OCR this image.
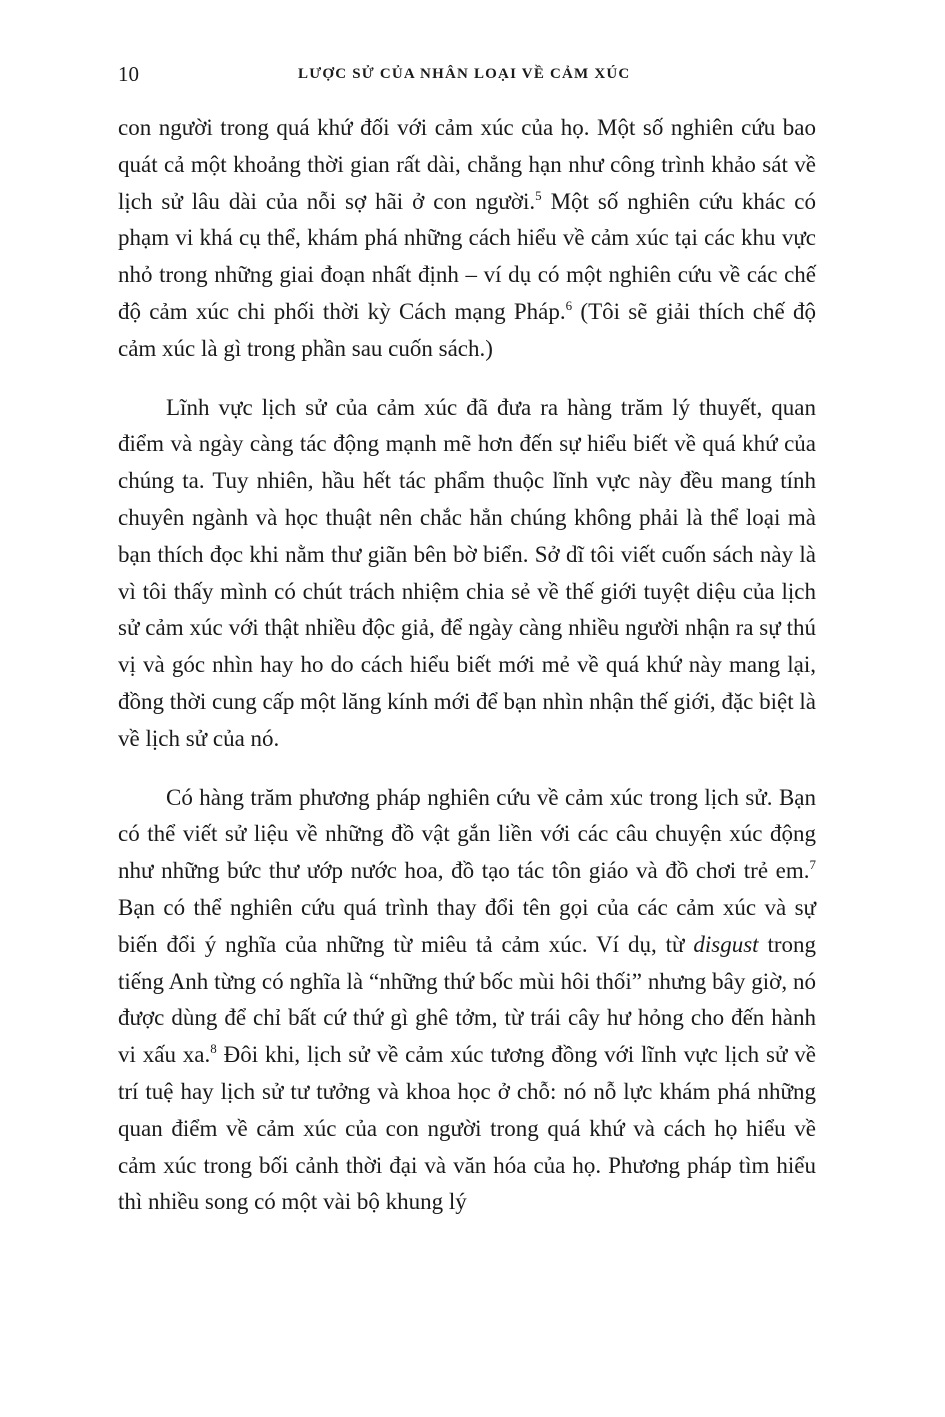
10	LƯỢC SỬ CỦA NHÂN LOẠI VỀ CẢM XÚC

con người trong quá khứ đối với cảm xúc của họ. Một số nghiên cứu bao quát cả một khoảng thời gian rất dài, chẳng hạn như công trình khảo sát về lịch sử lâu dài của nỗi sợ hãi ở con người.$^5$ Một số nghiên cứu khác có phạm vi khá cụ thể, khám phá những cách hiểu về cảm xúc tại các khu vực nhỏ trong những giai đoạn nhất định – ví dụ có một nghiên cứu về các chế độ cảm xúc chi phối thời kỳ Cách mạng Pháp.$^6$ (Tôi sẽ giải thích chế độ cảm xúc là gì trong phần sau cuốn sách.)

Lĩnh vực lịch sử của cảm xúc đã đưa ra hàng trăm lý thuyết, quan điểm và ngày càng tác động mạnh mẽ hơn đến sự hiểu biết về quá khứ của chúng ta. Tuy nhiên, hầu hết tác phẩm thuộc lĩnh vực này đều mang tính chuyên ngành và học thuật nên chắc hẳn chúng không phải là thể loại mà bạn thích đọc khi nằm thư giãn bên bờ biển. Sở dĩ tôi viết cuốn sách này là vì tôi thấy mình có chút trách nhiệm chia sẻ về thế giới tuyệt diệu của lịch sử cảm xúc với thật nhiều độc giả, để ngày càng nhiều người nhận ra sự thú vị và góc nhìn hay ho do cách hiểu biết mới mẻ về quá khứ này mang lại, đồng thời cung cấp một lăng kính mới để bạn nhìn nhận thế giới, đặc biệt là về lịch sử của nó.

Có hàng trăm phương pháp nghiên cứu về cảm xúc trong lịch sử. Bạn có thể viết sử liệu về những đồ vật gắn liền với các câu chuyện xúc động như những bức thư ướp nước hoa, đồ tạo tác tôn giáo và đồ chơi trẻ em.$^7$ Bạn có thể nghiên cứu quá trình thay đổi tên gọi của các cảm xúc và sự biến đổi ý nghĩa của những từ miêu tả cảm xúc. Ví dụ, từ disgust trong tiếng Anh từng có nghĩa là “những thứ bốc mùi hôi thối” nhưng bây giờ, nó được dùng để chỉ bất cứ thứ gì ghê tởm, từ trái cây hư hỏng cho đến hành vi xấu xa.$^8$ Đôi khi, lịch sử về cảm xúc tương đồng với lĩnh vực lịch sử về trí tuệ hay lịch sử tư tưởng và khoa học ở chỗ: nó nỗ lực khám phá những quan điểm về cảm xúc của con người trong quá khứ và cách họ hiểu về cảm xúc trong bối cảnh thời đại và văn hóa của họ. Phương pháp tìm hiểu thì nhiều song có một vài bộ khung lý
